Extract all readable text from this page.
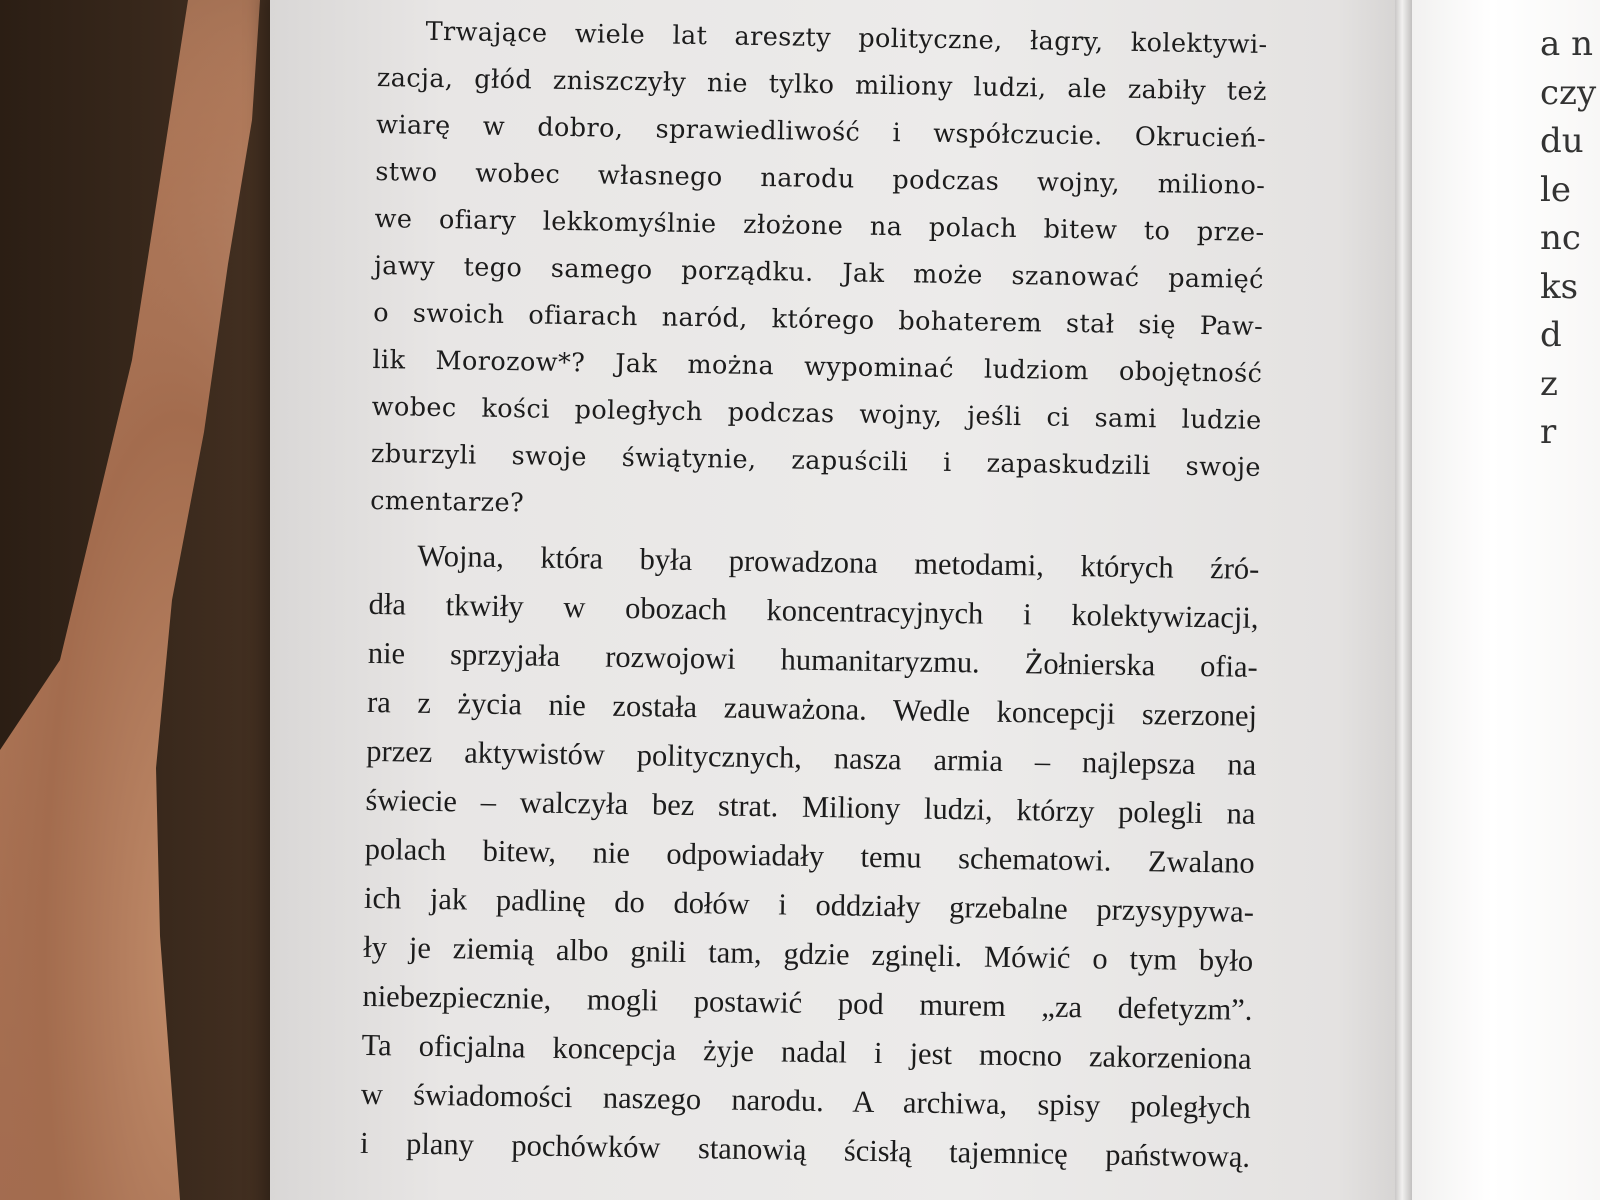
a n
czy
du
le
nc
ks
d
z
r
Trwające wiele lat areszty polityczne, łagry, kolektywi-
zacja, głód zniszczyły nie tylko miliony ludzi, ale zabiły też
wiarę w dobro, sprawiedliwość i współczucie. Okrucień-
stwo wobec własnego narodu podczas wojny, miliono-
we ofiary lekkomyślnie złożone na polach bitew to prze-
jawy tego samego porządku. Jak może szanować pamięć
o swoich ofiarach naród, którego bohaterem stał się Paw-
lik Morozow*? Jak można wypominać ludziom obojętność
wobec kości poległych podczas wojny, jeśli ci sami ludzie
zburzyli swoje świątynie, zapuścili i zapaskudzili swoje
cmentarze?
Wojna, która była prowadzona metodami, których źró-
dła tkwiły w obozach koncentracyjnych i kolektywizacji,
nie sprzyjała rozwojowi humanitaryzmu. Żołnierska ofia-
ra z życia nie została zauważona. Wedle koncepcji szerzonej
przez aktywistów politycznych, nasza armia – najlepsza na
świecie – walczyła bez strat. Miliony ludzi, którzy polegli na
polach bitew, nie odpowiadały temu schematowi. Zwalano
ich jak padlinę do dołów i oddziały grzebalne przysypywa-
ły je ziemią albo gnili tam, gdzie zginęli. Mówić o tym było
niebezpiecznie, mogli postawić pod murem „za defetyzm”.
Ta oficjalna koncepcja żyje nadal i jest mocno zakorzeniona
w świadomości naszego narodu. A archiwa, spisy poległych
i plany pochówków stanowią ścisłą tajemnicę państwową.
